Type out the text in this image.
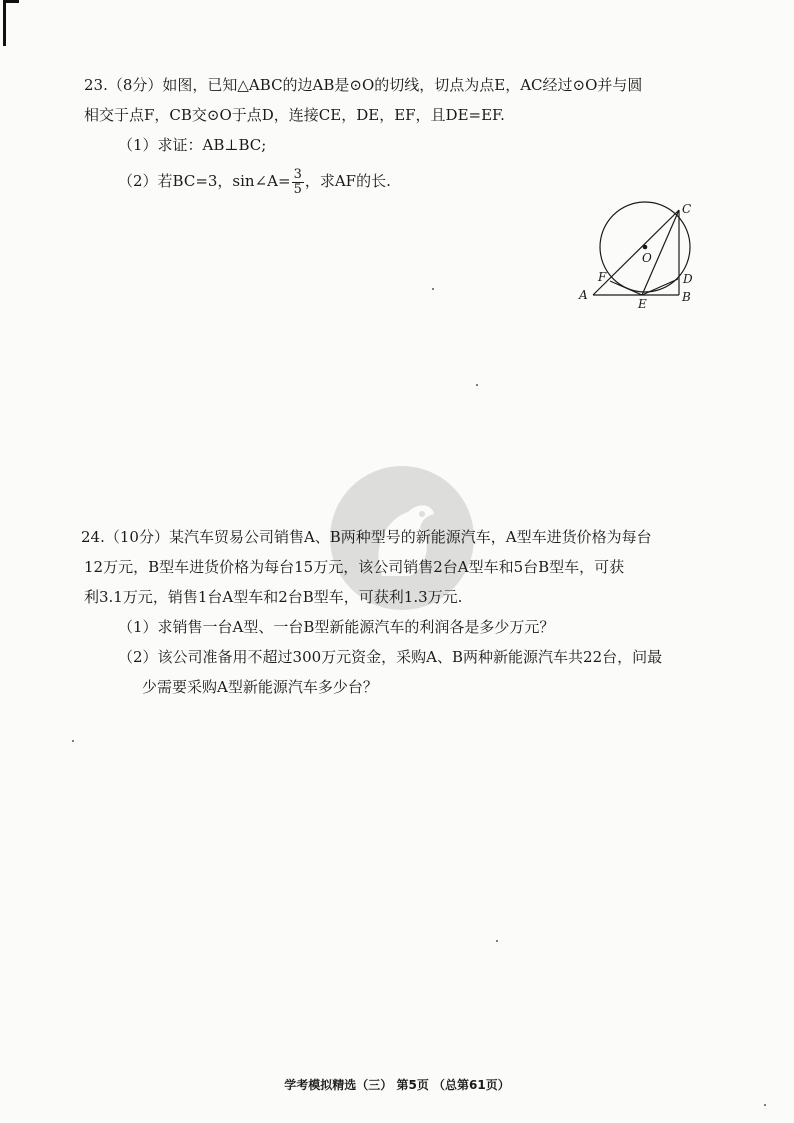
23.（8分）如图，已知△ABC的边AB是⊙O的切线，切点为点E，AC经过⊙O并与圆
相交于点F，CB交⊙O于点D，连接CE，DE，EF，且DE=EF.
（1）求证：AB⊥BC;
（2）若BC=3，sin∠A= $\frac{3}{5}$ ，求AF的长.
C
O
F	D
A
E	B
24.（10分）某汽车贸易公司销售A、B两种型号的新能源汽车，A型车进货价格为每台
12万元，B型车进货价格为每台15万元，该公司销售2台A型车和5台B型车，可获
利3.1万元，销售1台A型车和2台B型车，可获利1.3万元.
（1）求销售一台A型、一台B型新能源汽车的利润各是多少万元？
（2）该公司准备用不超过300万元资金，采购A、B两种新能源汽车共22台，问最
少需要采购A型新能源汽车多少台？
学考模拟精选（三） 第5页 （总第61页）
